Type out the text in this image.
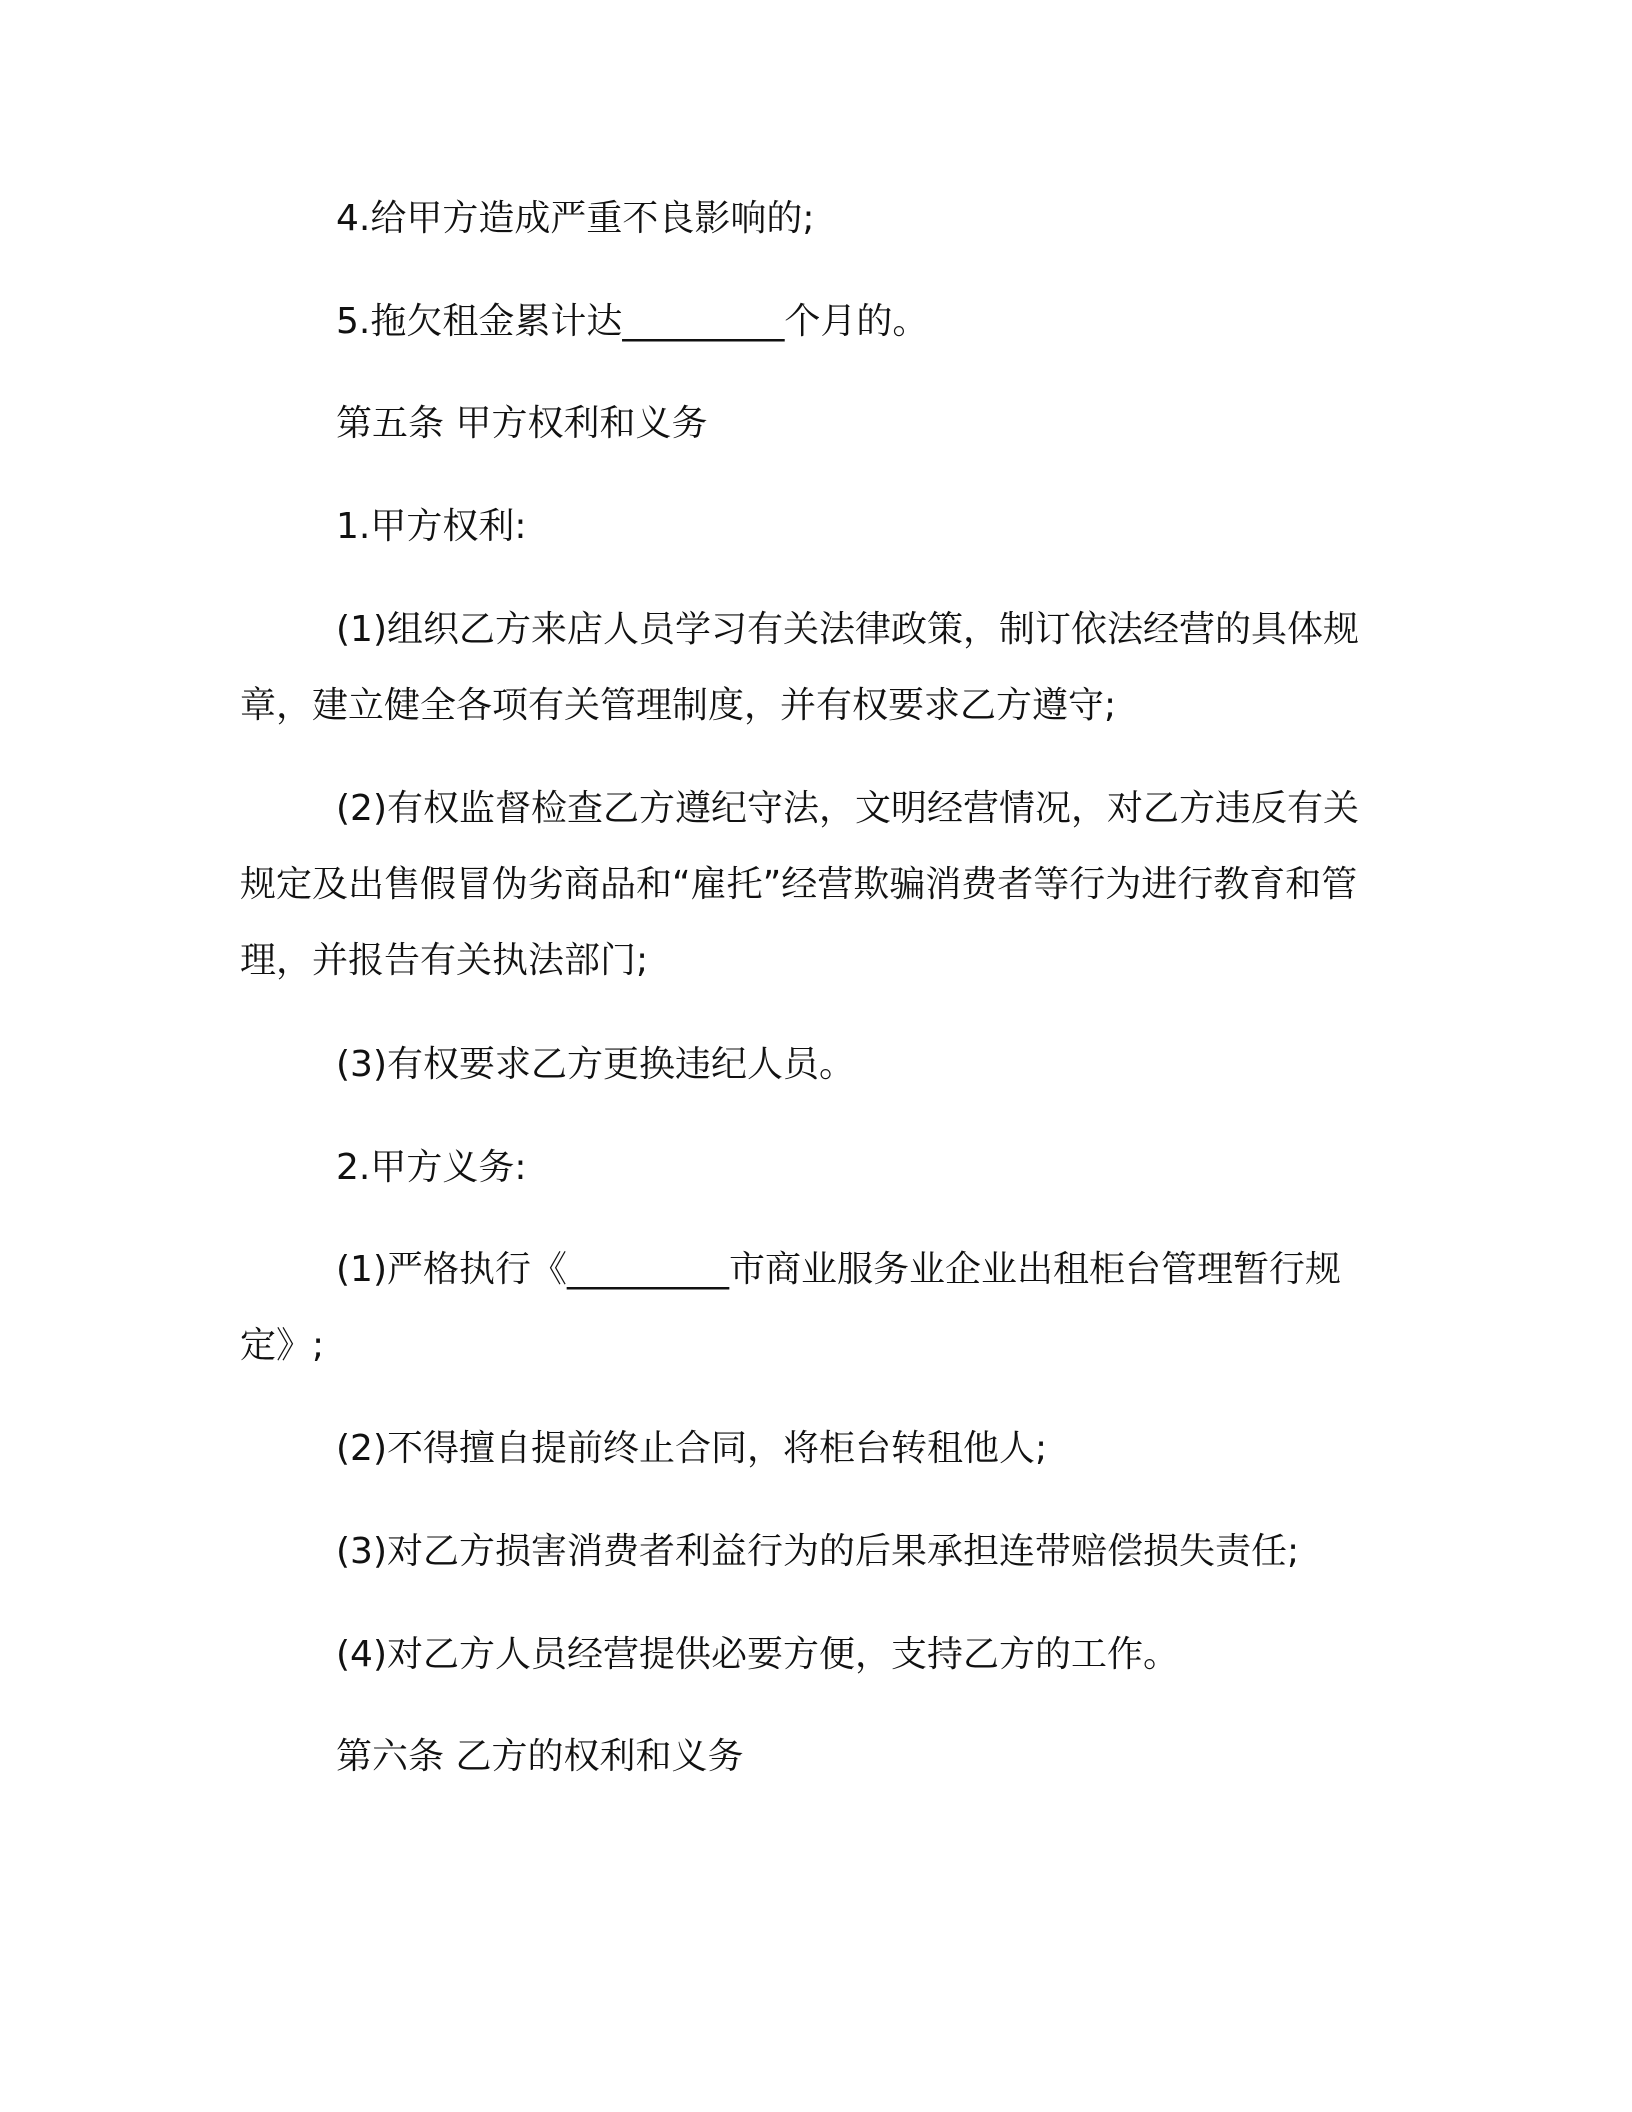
4.给甲方造成严重不良影响的;

5.拖欠租金累计达_________个月的。

第五条 甲方权利和义务

1.甲方权利:

(1)组织乙方来店人员学习有关法律政策，制订依法经营的具体规章，建立健全各项有关管理制度，并有权要求乙方遵守;

(2)有权监督检查乙方遵纪守法，文明经营情况，对乙方违反有关规定及出售假冒伪劣商品和“雇托”经营欺骗消费者等行为进行教育和管理，并报告有关执法部门;

(3)有权要求乙方更换违纪人员。

2.甲方义务:

(1)严格执行《_________市商业服务业企业出租柜台管理暂行规定》;

(2)不得擅自提前终止合同，将柜台转租他人;

(3)对乙方损害消费者利益行为的后果承担连带赔偿损失责任;

(4)对乙方人员经营提供必要方便，支持乙方的工作。

第六条 乙方的权利和义务
